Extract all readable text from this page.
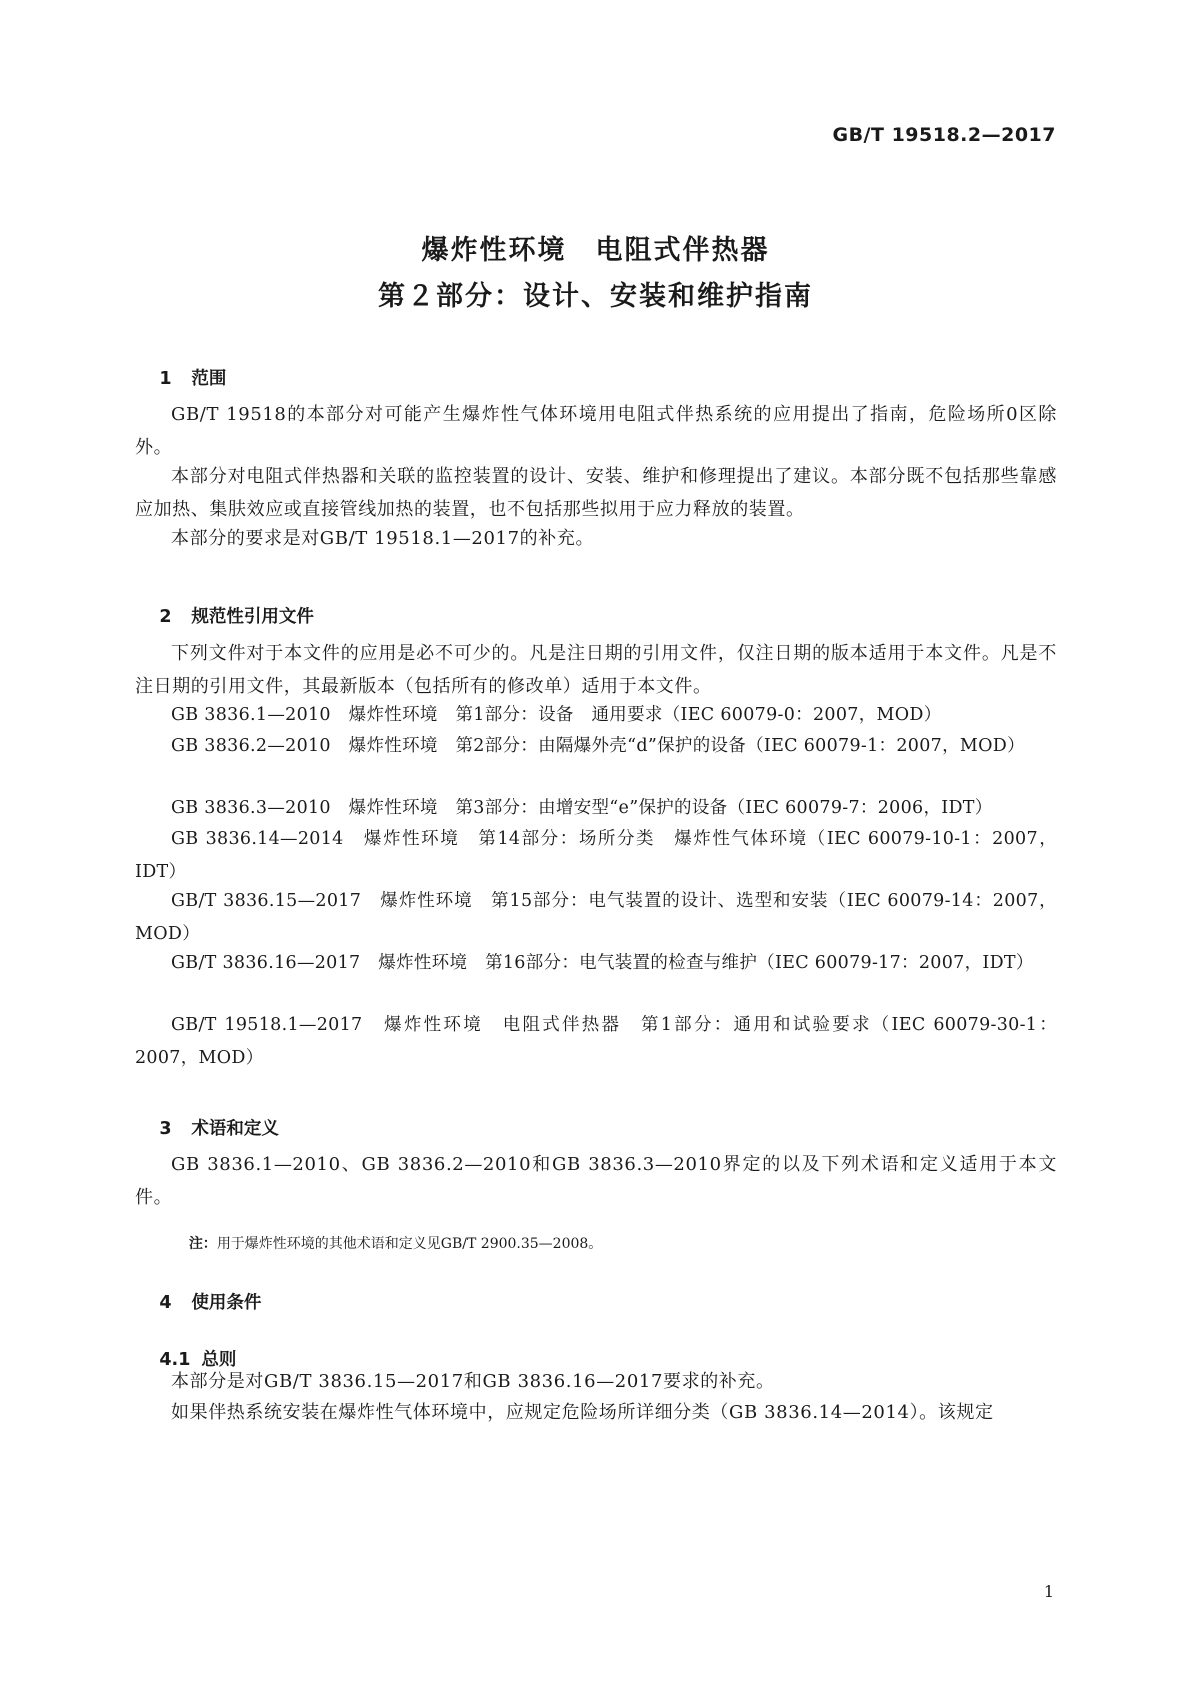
GB/T 19518.2—2017
爆炸性环境　电阻式伴热器
第２部分：设计、安装和维护指南

1 范围

GB/T 19518的本部分对可能产生爆炸性气体环境用电阻式伴热系统的应用提出了指南，危险场所0区除外。

本部分对电阻式伴热器和关联的监控装置的设计、安装、维护和修理提出了建议。本部分既不包括那些靠感应加热、集肤效应或直接管线加热的装置，也不包括那些拟用于应力释放的装置。

本部分的要求是对GB/T 19518.1—2017的补充。

2 规范性引用文件

下列文件对于本文件的应用是必不可少的。凡是注日期的引用文件，仅注日期的版本适用于本文件。凡是不注日期的引用文件，其最新版本（包括所有的修改单）适用于本文件。

GB 3836.1—2010　爆炸性环境　第1部分：设备　通用要求（IEC 60079-0：2007，MOD）

GB 3836.2—2010　爆炸性环境　第2部分：由隔爆外壳“d”保护的设备（IEC 60079-1：2007，MOD）

GB 3836.3—2010　爆炸性环境　第3部分：由增安型“e”保护的设备（IEC 60079-7：2006，IDT）

GB 3836.14—2014　爆炸性环境　第14部分：场所分类　爆炸性气体环境（IEC 60079-10-1：2007，IDT）

GB/T 3836.15—2017　爆炸性环境　第15部分：电气装置的设计、选型和安装（IEC 60079-14：2007，MOD）

GB/T 3836.16—2017　爆炸性环境　第16部分：电气装置的检查与维护（IEC 60079-17：2007，IDT）

GB/T 19518.1—2017　爆炸性环境　电阻式伴热器　第1部分：通用和试验要求（IEC 60079-30-1：2007，MOD）

3 术语和定义

GB 3836.1—2010、GB 3836.2—2010和GB 3836.3—2010界定的以及下列术语和定义适用于本文件。

注：用于爆炸性环境的其他术语和定义见GB/T 2900.35—2008。

4 使用条件

4.1 总则

本部分是对GB/T 3836.15—2017和GB 3836.16—2017要求的补充。

如果伴热系统安装在爆炸性气体环境中，应规定危险场所详细分类（GB 3836.14—2014）。该规定

1
